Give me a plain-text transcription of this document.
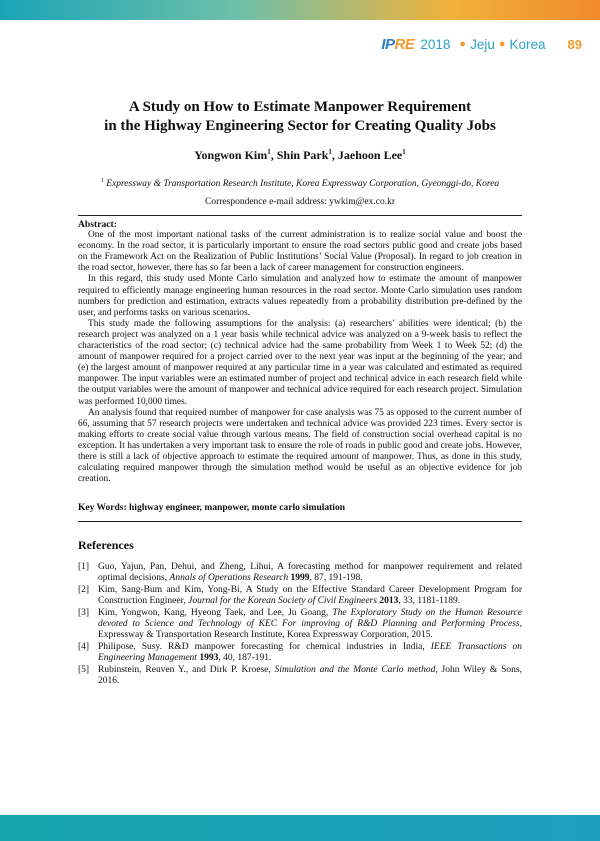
IP RE 2018 ● Jeju ● Korea 89
A Study on How to Estimate Manpower Requirement
in the Highway Engineering Sector for Creating Quality Jobs
Yongwon Kim$^1$, Shin Park$^1$, Jaehoon Lee$^1$
$^1$ Expressway & Transportation Research Institute, Korea Expressway Corporation, Gyeonggi-do, Korea
Correspondence e-mail address: ywkim@ex.co.kr
Abstract:

One of the most important national tasks of the current administration is to realize social value and boost the economy. In the road sector, it is particularly important to ensure the road sectors public good and create jobs based on the Framework Act on the Realization of Public Institutions’ Social Value (Proposal). In regard to job creation in the road sector, however, there has so far been a lack of career management for construction engineers.

In this regard, this study used Monte Carlo simulation and analyzed how to estimate the amount of manpower required to efficiently manage engineering human resources in the road sector. Monte Carlo simulation uses random numbers for prediction and estimation, extracts values repeatedly from a probability distribution pre-defined by the user, and performs tasks on various scenarios.

This study made the following assumptions for the analysis: (a) researchers’ abilities were identical; (b) the research project was analyzed on a 1 year basis while technical advice was analyzed on a 9-week basis to reflect the characteristics of the road sector; (c) technical advice had the same probability from Week 1 to Week 52; (d) the amount of manpower required for a project carried over to the next year was input at the beginning of the year; and (e) the largest amount of manpower required at any particular time in a year was calculated and estimated as required manpower. The input variables were an estimated number of project and technical advice in each research field while the output variables were the amount of manpower and technical advice required for each research project. Simulation was performed 10,000 times.

An analysis found that required number of manpower for case analysis was 75 as opposed to the current number of 66, assuming that 57 research projects were undertaken and technical advice was provided 223 times. Every sector is making efforts to create social value through various means. The field of construction social overhead capital is no exception. It has undertaken a very important task to ensure the role of roads in public good and create jobs. However, there is still a lack of objective approach to estimate the required amount of manpower. Thus, as done in this study, calculating required manpower through the simulation method would be useful as an objective evidence for job creation.

Key Words: highway engineer, manpower, monte carlo simulation
References
[1] Guo, Yajun, Pan, Dehui, and Zheng, Lihui, A forecasting method for manpower requirement and related optimal decisions, Annals of Operations Research 1999, 87, 191-198.
[2] Kim, Sang-Bum and Kim, Yong-Bi, A Study on the Effective Standard Career Development Program for Construction Engineer, Journal for the Korean Society of Civil Engineers 2013, 33, 1181-1189.
[3] Kim, Yongwon, Kang, Hyeong Taek, and Lee, Ju Goang, The Exploratory Study on the Human Resource devoted to Science and Technology of KEC For improving of R&D Planning and Performing Process, Expressway & Transportation Research Institute, Korea Expressway Corporation, 2015.
[4] Philipose, Susy. R&D manpower forecasting for chemical industries in India, IEEE Transactions on Engineering Management 1993, 40, 187-191.
[5] Rubinstein, Reuven Y., and Dirk P. Kroese, Simulation and the Monte Carlo method, John Wiley & Sons, 2016.
